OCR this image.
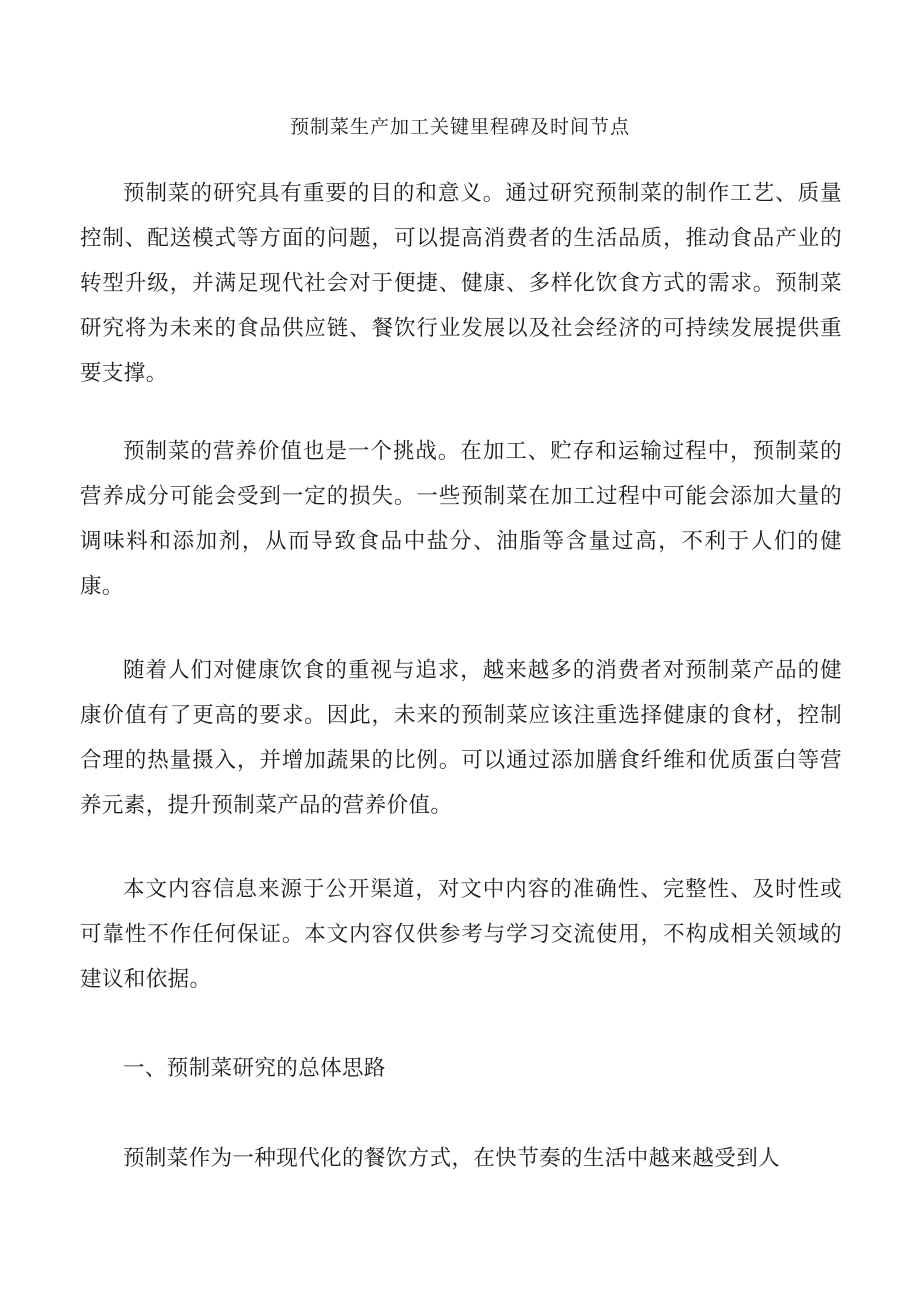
预制菜生产加工关键里程碑及时间节点

预制菜的研究具有重要的目的和意义。通过研究预制菜的制作工艺、质量控制、配送模式等方面的问题，可以提高消费者的生活品质，推动食品产业的转型升级，并满足现代社会对于便捷、健康、多样化饮食方式的需求。预制菜研究将为未来的食品供应链、餐饮行业发展以及社会经济的可持续发展提供重要支撑。

预制菜的营养价值也是一个挑战。在加工、贮存和运输过程中，预制菜的营养成分可能会受到一定的损失。一些预制菜在加工过程中可能会添加大量的调味料和添加剂，从而导致食品中盐分、油脂等含量过高，不利于人们的健康。

随着人们对健康饮食的重视与追求，越来越多的消费者对预制菜产品的健康价值有了更高的要求。因此，未来的预制菜应该注重选择健康的食材，控制合理的热量摄入，并增加蔬果的比例。可以通过添加膳食纤维和优质蛋白等营养元素，提升预制菜产品的营养价值。

本文内容信息来源于公开渠道，对文中内容的准确性、完整性、及时性或可靠性不作任何保证。本文内容仅供参考与学习交流使用，不构成相关领域的建议和依据。

一、预制菜研究的总体思路

预制菜作为一种现代化的餐饮方式，在快节奏的生活中越来越受到人
